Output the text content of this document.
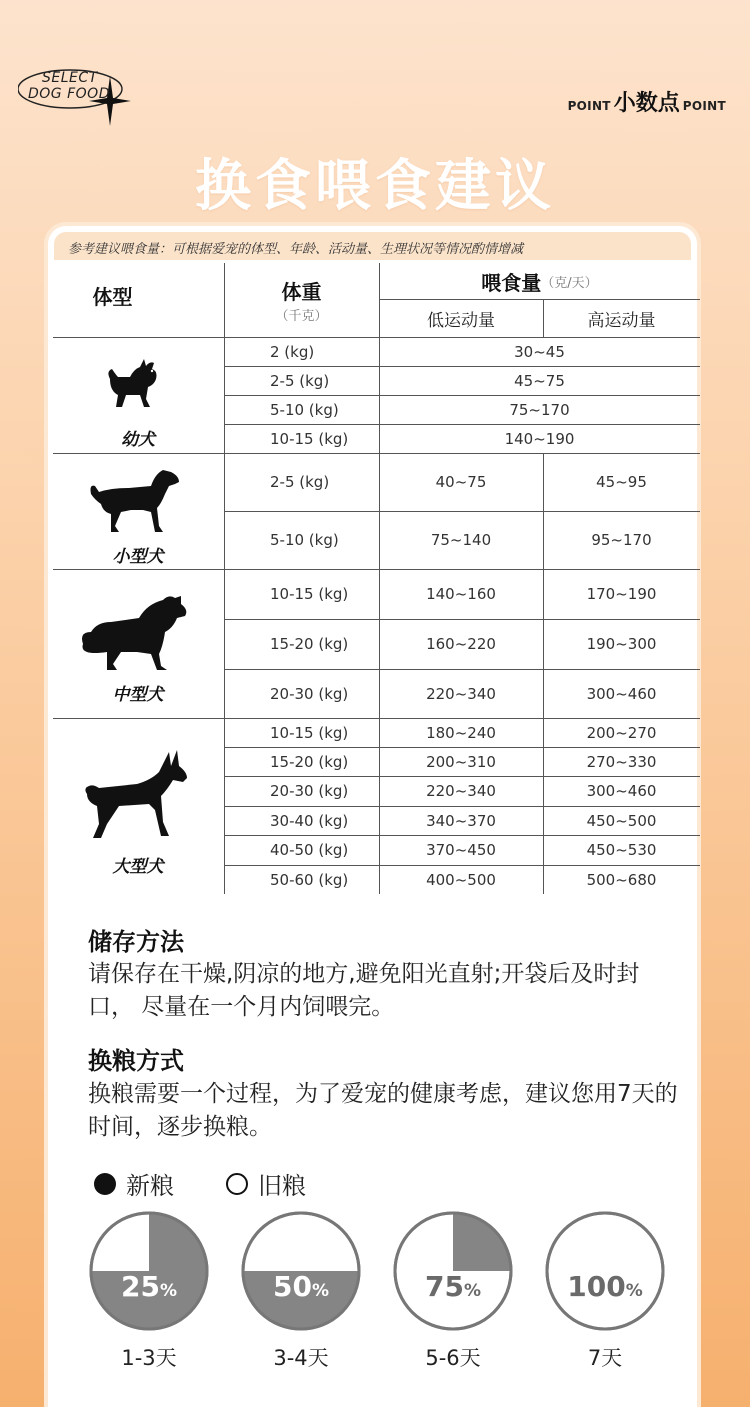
SELECT
DOG FOOD
POINT 小数点 POINT
换食喂食建议
参考建议喂食量：可根据爱宠的体型、年龄、活动量、生理状况等情况酌情增减
体型	体重
（千克）
喂食量 （克/天）
低运动量	高运动量
幼犬
2 (kg)	30~45
2-5 (kg)	45~75
5-10 (kg)	75~170
10-15 (kg)	140~190
小型犬
2-5 (kg)	40~75	45~95
5-10 (kg)	75~140	95~170
中型犬
10-15 (kg)	140~160	170~190
15-20 (kg)	160~220	190~300
20-30 (kg)	220~340	300~460
大型犬
10-15 (kg)	180~240	200~270
15-20 (kg)	200~310	270~330
20-30 (kg)	220~340	300~460
30-40 (kg)	340~370	450~500
40-50 (kg)	370~450	450~530
50-60 (kg)	400~500	500~680
储存方法
请保存在干燥,阴凉的地方,避免阳光直射;开袋后及时封口， 尽量在一个月内饲喂完。
换粮方式
换粮需要一个过程，为了爱宠的健康考虑，建议您用7天的时间，逐步换粮。
新粮	旧粮
25%
1-3天
50%
3-4天
75%
5-6天
100%
7天
